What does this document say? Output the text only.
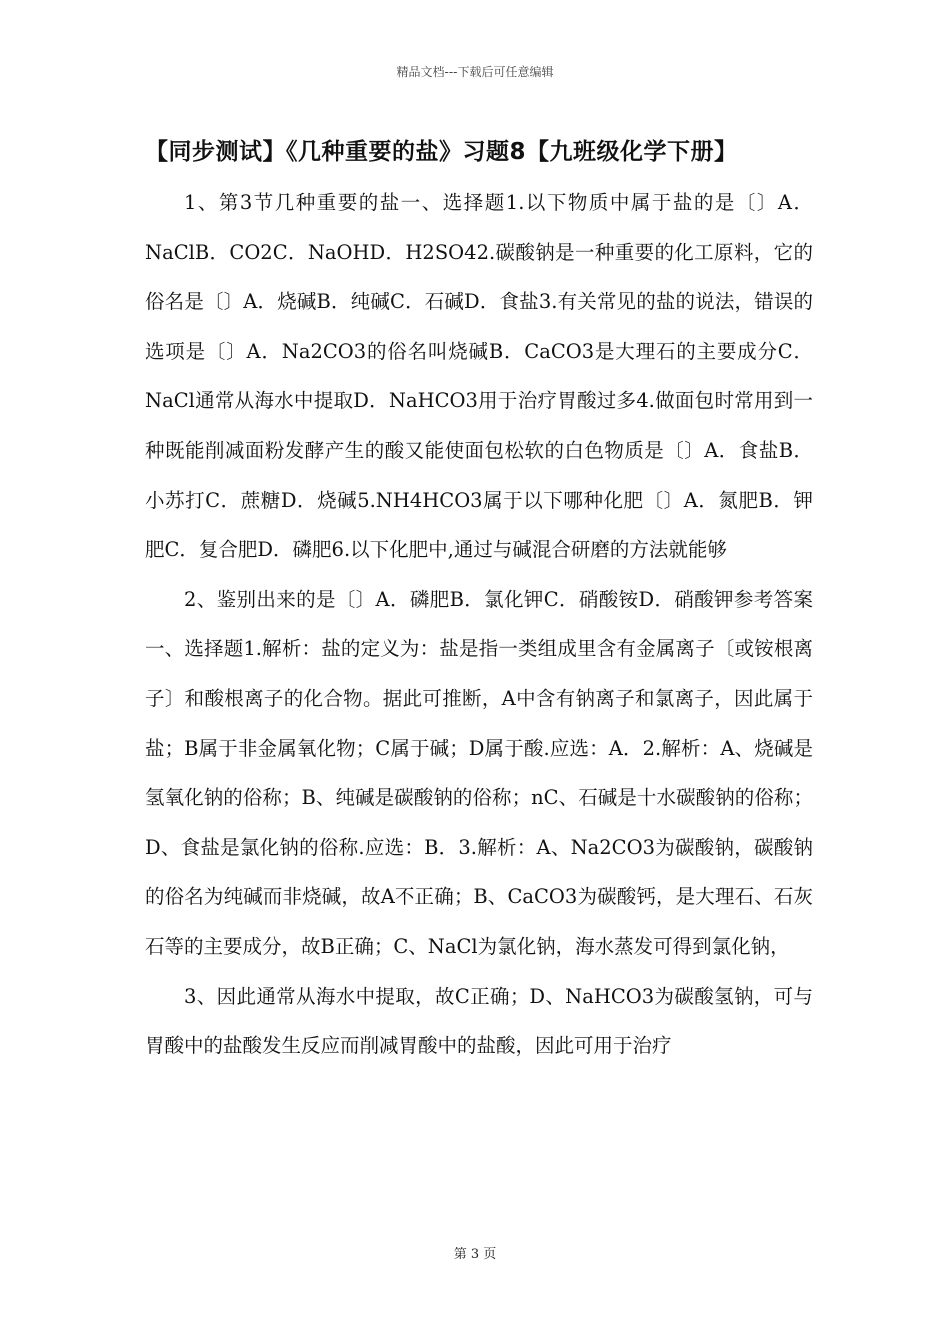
精品文档---下载后可任意编辑
【同步测试】《几种重要的盐》习题8【九班级化学下册】

1、第3节几种重要的盐一、选择题1.以下物质中属于盐的是〔〕A．NaClB．CO2C．NaOHD．H2SO42.碳酸钠是一种重要的化工原料，它的俗名是〔〕A．烧碱B．纯碱C．石碱D．食盐3.有关常见的盐的说法，错误的选项是〔〕A．Na2CO3的俗名叫烧碱B．CaCO3是大理石的主要成分C．NaCl通常从海水中提取D．NaHCO3用于治疗胃酸过多4.做面包时常用到一种既能削减面粉发酵产生的酸又能使面包松软的白色物质是〔〕A．食盐B．小苏打C．蔗糖D．烧碱5.NH4HCO3属于以下哪种化肥〔〕A．氮肥B．钾肥C．复合肥D．磷肥6.以下化肥中,通过与碱混合研磨的方法就能够

2、鉴别出来的是〔〕A．磷肥B．氯化钾C．硝酸铵D．硝酸钾参考答案一、选择题1.解析：盐的定义为：盐是指一类组成里含有金属离子〔或铵根离子〕和酸根离子的化合物。据此可推断，A中含有钠离子和氯离子，因此属于盐；B属于非金属氧化物；C属于碱；D属于酸.应选：A．2.解析：A、烧碱是氢氧化钠的俗称；B、纯碱是碳酸钠的俗称；nC、石碱是十水碳酸钠的俗称；D、食盐是氯化钠的俗称.应选：B．3.解析：A、Na2CO3为碳酸钠，碳酸钠的俗名为纯碱而非烧碱，故A不正确；B、CaCO3为碳酸钙，是大理石、石灰石等的主要成分，故B正确；C、NaCl为氯化钠，海水蒸发可得到氯化钠，

3、因此通常从海水中提取，故C正确；D、NaHCO3为碳酸氢钠，可与胃酸中的盐酸发生反应而削减胃酸中的盐酸，因此可用于治疗

第 3 页
